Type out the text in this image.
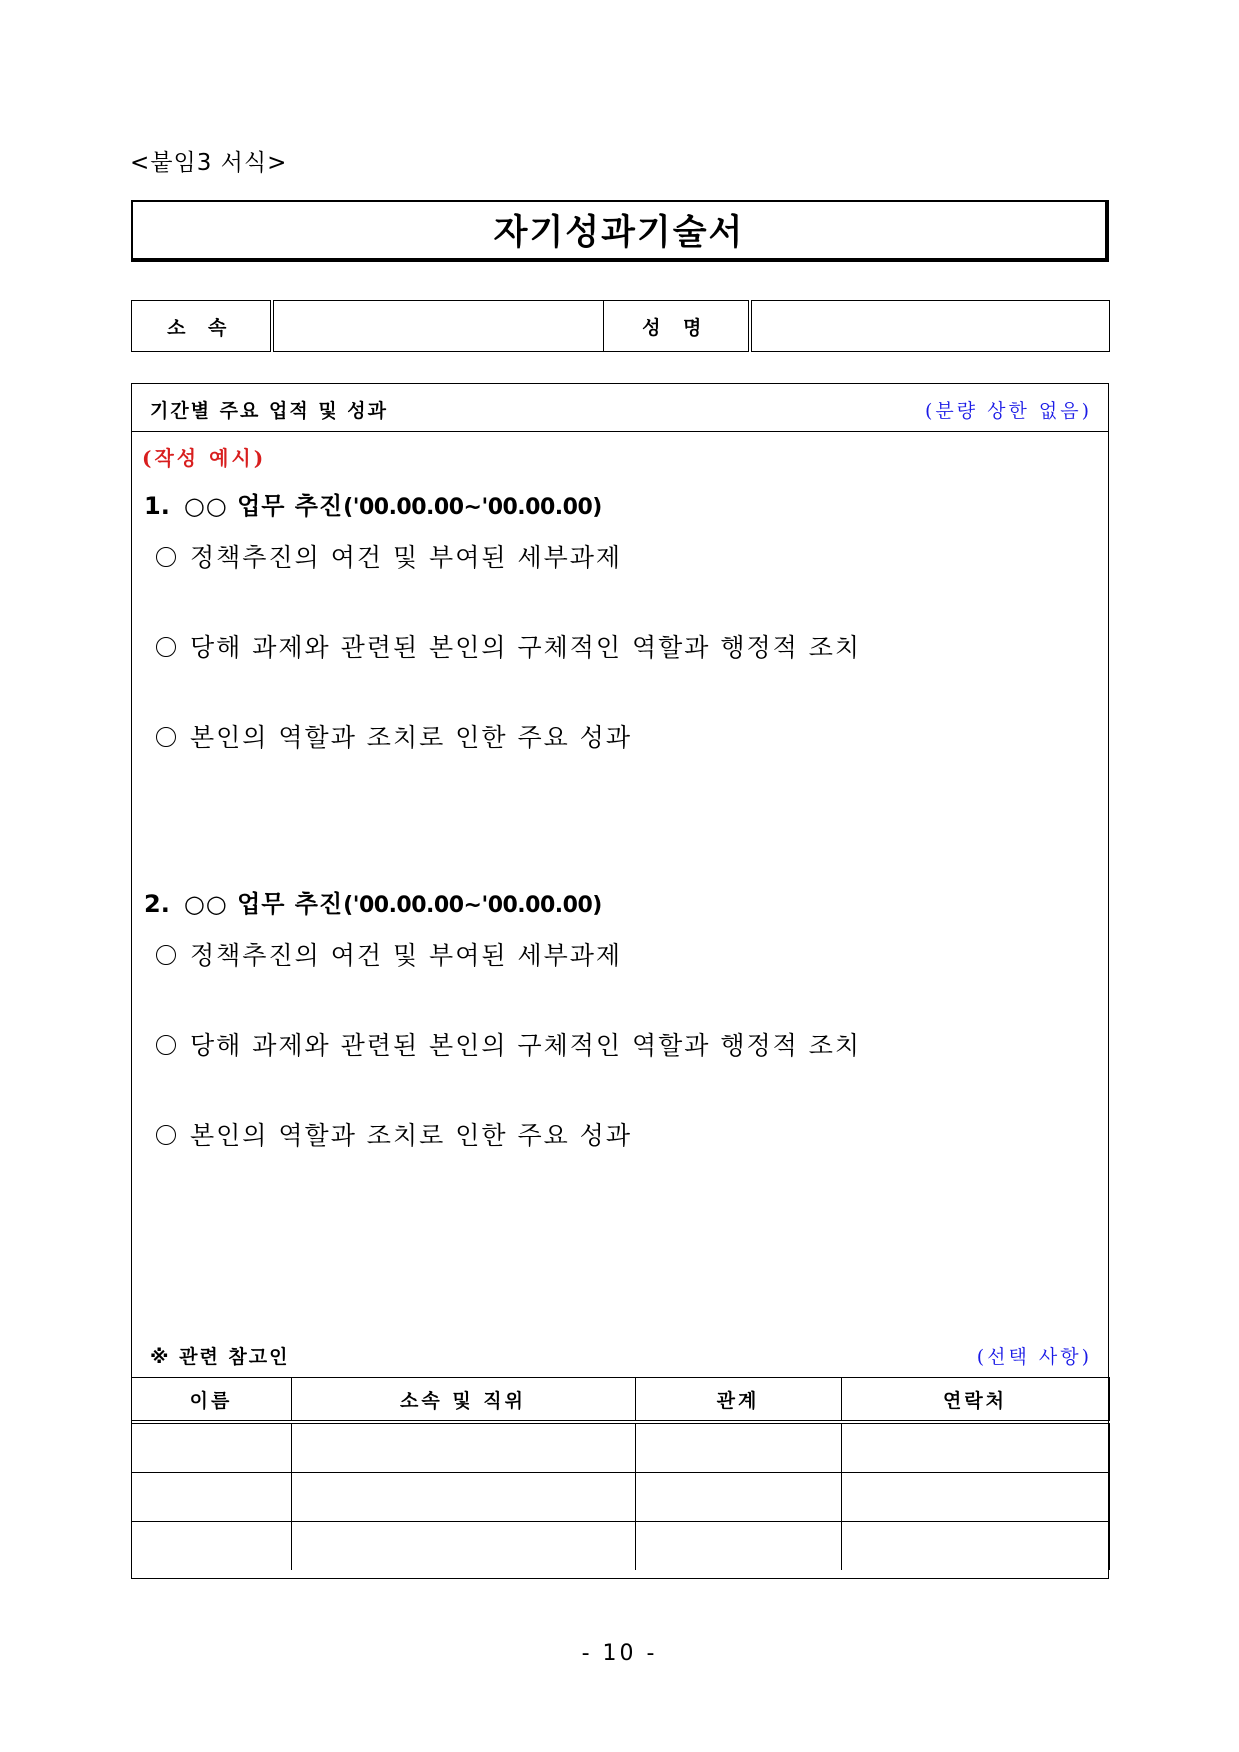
<붙임3 서식>
자기성과기술서
소 속		성 명	
기간별 주요 업적 및 성과	(분량 상한 없음)
(작성 예시)
1. ○○ 업무 추진('00.00.00~'00.00.00)
정책추진의 여건 및 부여된 세부과제
당해 과제와 관련된 본인의 구체적인 역할과 행정적 조치
본인의 역할과 조치로 인한 주요 성과
2. ○○ 업무 추진('00.00.00~'00.00.00)
정책추진의 여건 및 부여된 세부과제
당해 과제와 관련된 본인의 구체적인 역할과 행정적 조치
본인의 역할과 조치로 인한 주요 성과
※ 관련 참고인	(선택 사항)
이름	소속 및 직위	관계	연락처

- 10 -
